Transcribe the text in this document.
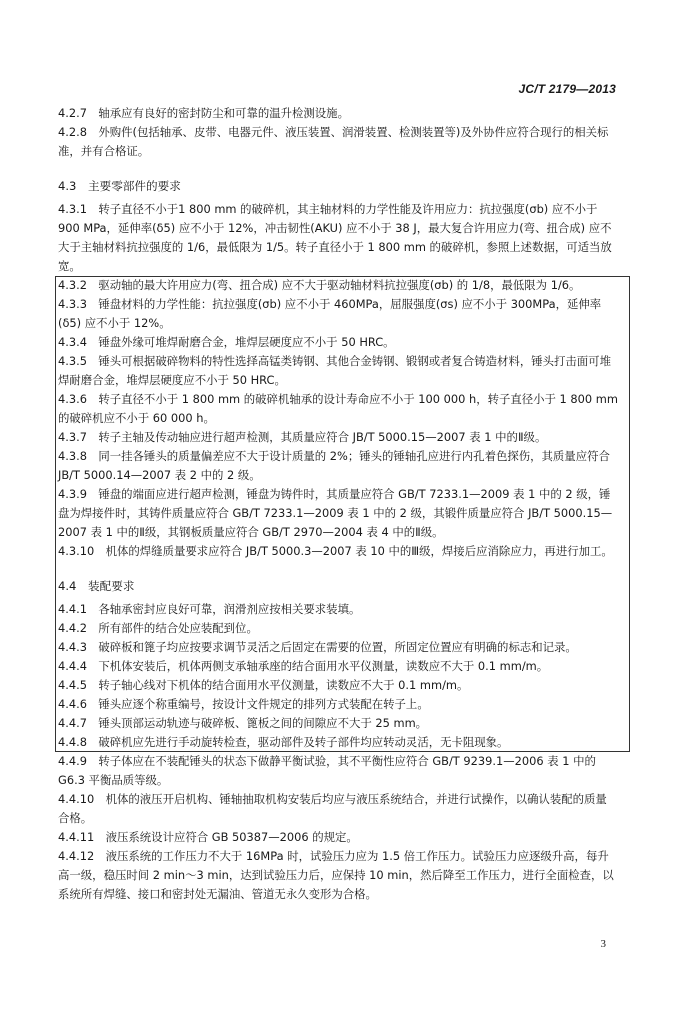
JC/T 2179—2013

4.2.7　轴承应有良好的密封防尘和可靠的温升检测设施。

4.2.8　外购件(包括轴承、皮带、电器元件、液压装置、润滑装置、检测装置等)及外协件应符合现行的相关标准，并有合格证。

4.3　主要零部件的要求

4.3.1　转子直径不小于1 800 mm 的破碎机，其主轴材料的力学性能及许用应力：抗拉强度(σb) 应不小于 900 MPa，延伸率(δ5) 应不小于 12%，冲击韧性(AKU) 应不小于 38 J，最大复合许用应力(弯、扭合成) 应不大于主轴材料抗拉强度的 1/6，最低限为 1/5。转子直径小于 1 800 mm 的破碎机，参照上述数据，可适当放宽。

4.3.2　驱动轴的最大许用应力(弯、扭合成) 应不大于驱动轴材料抗拉强度(σb) 的 1/8，最低限为 1/6。

4.3.3　锤盘材料的力学性能：抗拉强度(σb) 应不小于 460MPa，屈服强度(σs) 应不小于 300MPa，延伸率(δ5) 应不小于 12%。

4.3.4　锤盘外缘可堆焊耐磨合金，堆焊层硬度应不小于 50 HRC。

4.3.5　锤头可根据破碎物料的特性选择高锰类铸钢、其他合金铸钢、锻钢或者复合铸造材料，锤头打击面可堆焊耐磨合金，堆焊层硬度应不小于 50 HRC。

4.3.6　转子直径不小于 1 800 mm 的破碎机轴承的设计寿命应不小于 100 000 h，转子直径小于 1 800 mm 的破碎机应不小于 60 000 h。

4.3.7　转子主轴及传动轴应进行超声检测，其质量应符合 JB/T 5000.15—2007 表 1 中的Ⅱ级。

4.3.8　同一挂各锤头的质量偏差应不大于设计质量的 2%；锤头的锤轴孔应进行内孔着色探伤，其质量应符合 JB/T 5000.14—2007 表 2 中的 2 级。

4.3.9　锤盘的端面应进行超声检测，锤盘为铸件时，其质量应符合 GB/T 7233.1—2009 表 1 中的 2 级，锤盘为焊接件时，其铸件质量应符合 GB/T 7233.1—2009 表 1 中的 2 级，其锻件质量应符合 JB/T 5000.15—2007 表 1 中的Ⅱ级，其钢板质量应符合 GB/T 2970—2004 表 4 中的Ⅱ级。

4.3.10　机体的焊缝质量要求应符合 JB/T 5000.3—2007 表 10 中的Ⅲ级，焊接后应消除应力，再进行加工。

4.4　装配要求

4.4.1　各轴承密封应良好可靠，润滑剂应按相关要求装填。

4.4.2　所有部件的结合处应装配到位。

4.4.3　破碎板和篦子均应按要求调节灵活之后固定在需要的位置，所固定位置应有明确的标志和记录。

4.4.4　下机体安装后，机体两侧支承轴承座的结合面用水平仪测量，读数应不大于 0.1 mm/m。

4.4.5　转子轴心线对下机体的结合面用水平仪测量，读数应不大于 0.1 mm/m。

4.4.6　锤头应逐个称重编号，按设计文件规定的排列方式装配在转子上。

4.4.7　锤头顶部运动轨迹与破碎板、篦板之间的间隙应不大于 25 mm。

4.4.8　破碎机应先进行手动旋转检查，驱动部件及转子部件均应转动灵活，无卡阻现象。

4.4.9　转子体应在不装配锤头的状态下做静平衡试验，其不平衡性应符合 GB/T 9239.1—2006 表 1 中的 G6.3 平衡品质等级。

4.4.10　机体的液压开启机构、锤轴抽取机构安装后均应与液压系统结合，并进行试操作，以确认装配的质量合格。

4.4.11　液压系统设计应符合 GB 50387—2006 的规定。

4.4.12　液压系统的工作压力不大于 16MPa 时，试验压力应为 1.5 倍工作压力。试验压力应逐级升高，每升高一级，稳压时间 2 min～3 min，达到试验压力后，应保持 10 min，然后降至工作压力，进行全面检查，以系统所有焊缝、接口和密封处无漏油、管道无永久变形为合格。

3
